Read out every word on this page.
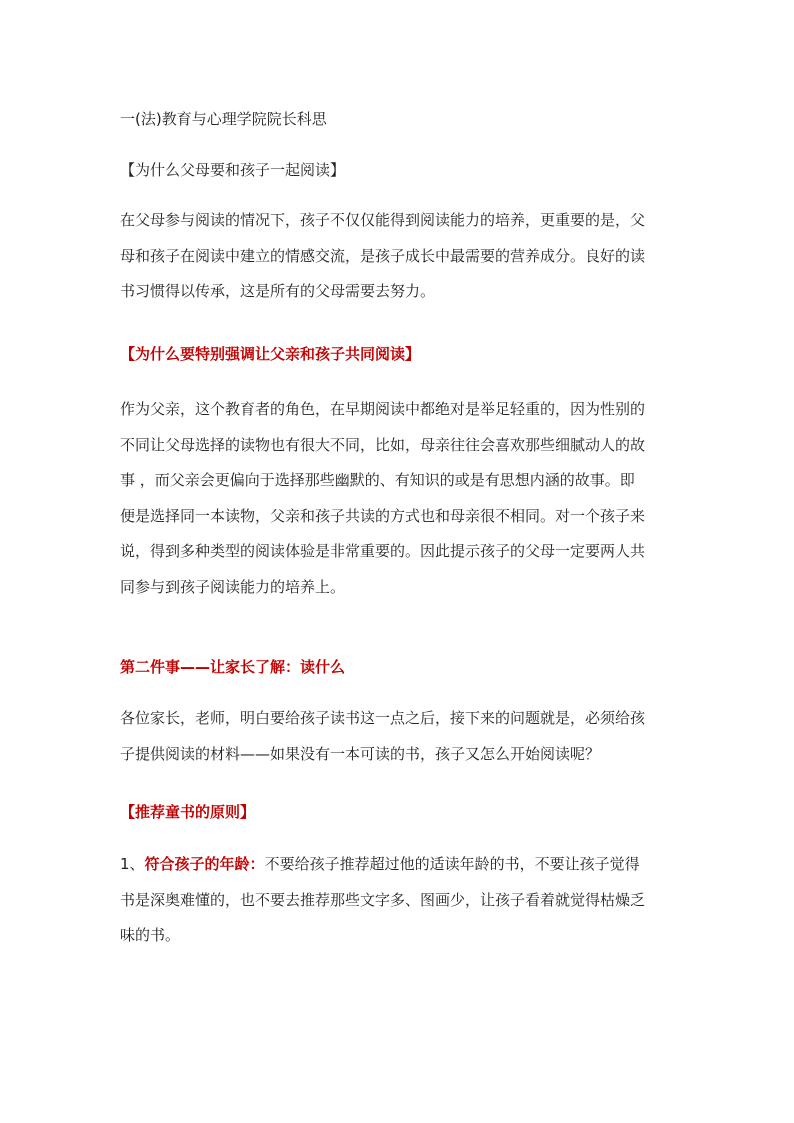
一(法)教育与心理学院院长科思

【为什么父母要和孩子一起阅读】

在父母参与阅读的情况下，孩子不仅仅能得到阅读能力的培养，更重要的是，父
母和孩子在阅读中建立的情感交流，是孩子成长中最需要的营养成分。良好的读
书习惯得以传承，这是所有的父母需要去努力。

【为什么要特别强调让父亲和孩子共同阅读】

作为父亲，这个教育者的角色，在早期阅读中都绝对是举足轻重的，因为性别的
不同让父母选择的读物也有很大不同，比如，母亲往往会喜欢那些细腻动人的故
事 ，而父亲会更偏向于选择那些幽默的、有知识的或是有思想内涵的故事。即
便是选择同一本读物，父亲和孩子共读的方式也和母亲很不相同。对一个孩子来
说，得到多种类型的阅读体验是非常重要的。因此提示孩子的父母一定要两人共
同参与到孩子阅读能力的培养上。

第二件事——让家长了解：读什么

各位家长，老师，明白要给孩子读书这一点之后，接下来的问题就是，必须给孩
子提供阅读的材料——如果没有一本可读的书，孩子又怎么开始阅读呢？

【推荐童书的原则】

1、符合孩子的年龄：不要给孩子推荐超过他的适读年龄的书，不要让孩子觉得
书是深奥难懂的，也不要去推荐那些文字多、图画少，让孩子看着就觉得枯燥乏
味的书。
